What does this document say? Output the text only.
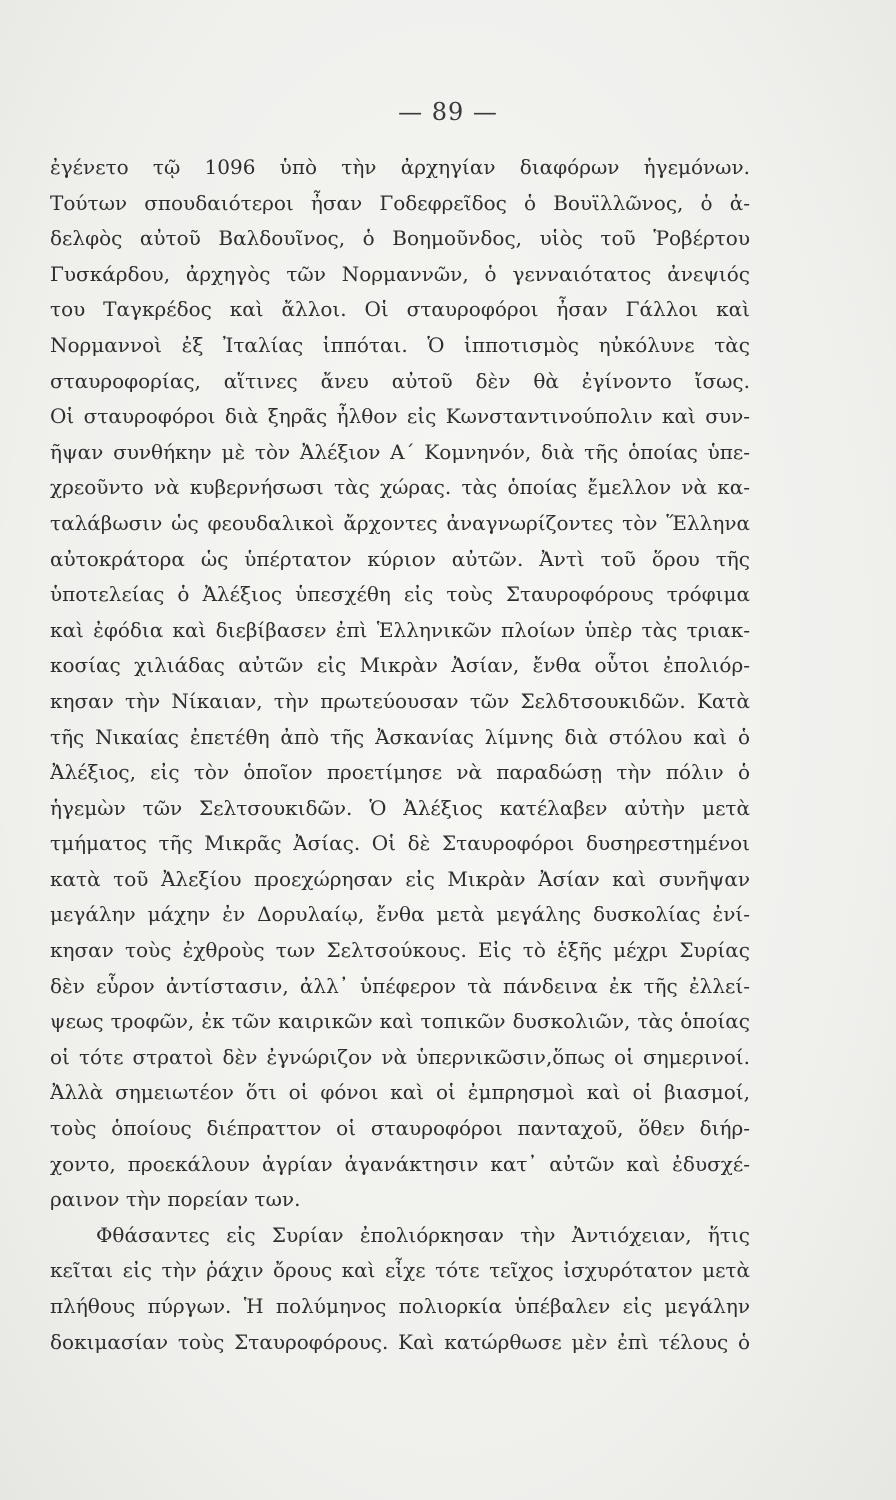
— 89 —
ἐγένετο τῷ 1096 ὑπὸ τὴν ἀρχηγίαν διαφόρων ἡγεμόνων.
Τούτων σπουδαιότεροι ἦσαν Γοδεφρεῖδος ὁ Βουϊλλῶνος, ὁ ἀ-
δελφὸς αὐτοῦ Βαλδουῖνος, ὁ Βοημοῦνδος, υἱὸς τοῦ Ῥοβέρτου
Γυσκάρδου, ἀρχηγὸς τῶν Νορμαννῶν, ὁ γενναιότατος ἀνεψιός
του Ταγκρέδος καὶ ἄλλοι. Οἱ σταυροφόροι ἦσαν Γάλλοι καὶ
Νορμαννοὶ ἐξ Ἰταλίας ἱππόται. Ὁ ἱπποτισμὸς ηὐκόλυνε τὰς
σταυροφορίας, αἵτινες ἄνευ αὐτοῦ δὲν θὰ ἐγίνοντο ἴσως.
Οἱ σταυροφόροι διὰ ξηρᾶς ἦλθον εἰς Κωνσταντινούπολιν καὶ συν-
ῆψαν συνθήκην μὲ τὸν Ἀλέξιον Α΄ Κομνηνόν, διὰ τῆς ὁποίας ὑπε-
χρεοῦντο νὰ κυβερνήσωσι τὰς χώρας. τὰς ὁποίας ἔμελλον νὰ κα-
ταλάβωσιν ὡς φεουδαλικοὶ ἄρχοντες ἀναγνωρίζοντες τὸν Ἕλληνα
αὐτοκράτορα ὡς ὑπέρτατον κύριον αὐτῶν. Ἀντὶ τοῦ ὅρου τῆς
ὑποτελείας ὁ Ἀλέξιος ὑπεσχέθη εἰς τοὺς Σταυροφόρους τρόφιμα
καὶ ἐφόδια καὶ διεβίβασεν ἐπὶ Ἑλληνικῶν πλοίων ὑπὲρ τὰς τριακ-
κοσίας χιλιάδας αὐτῶν εἰς Μικρὰν Ἀσίαν, ἔνθα οὗτοι ἐπολιόρ-
κησαν τὴν Νίκαιαν, τὴν πρωτεύουσαν τῶν Σελδτσουκιδῶν. Κατὰ
τῆς Νικαίας ἐπετέθη ἀπὸ τῆς Ἀσκανίας λίμνης διὰ στόλου καὶ ὁ
Ἀλέξιος, εἰς τὸν ὁποῖον προετίμησε νὰ παραδώσῃ τὴν πόλιν ὁ
ἡγεμὼν τῶν Σελτσουκιδῶν. Ὁ Ἀλέξιος κατέλαβεν αὐτὴν μετὰ
τμήματος τῆς Μικρᾶς Ἀσίας. Οἱ δὲ Σταυροφόροι δυσηρεστημένοι
κατὰ τοῦ Ἀλεξίου προεχώρησαν εἰς Μικρὰν Ἀσίαν καὶ συνῆψαν
μεγάλην μάχην ἐν Δορυλαίῳ, ἔνθα μετὰ μεγάλης δυσκολίας ἐνί-
κησαν τοὺς ἐχθροὺς των Σελτσούκους. Εἰς τὸ ἑξῆς μέχρι Συρίας
δὲν εὗρον ἀντίστασιν, ἀλλ᾽ ὑπέφερον τὰ πάνδεινα ἐκ τῆς ἐλλεί-
ψεως τροφῶν, ἐκ τῶν καιρικῶν καὶ τοπικῶν δυσκολιῶν, τὰς ὁποίας
οἱ τότε στρατοὶ δὲν ἐγνώριζον νὰ ὑπερνικῶσιν,ὅπως οἱ σημερινοί.
Ἀλλὰ σημειωτέον ὅτι οἱ φόνοι καὶ οἱ ἐμπρησμοὶ καὶ οἱ βιασμοί,
τοὺς ὁποίους διέπραττον οἱ σταυροφόροι πανταχοῦ, ὅθεν διήρ-
χοντο, προεκάλουν ἀγρίαν ἀγανάκτησιν κατ᾽ αὐτῶν καὶ ἐδυσχέ-
ραινον τὴν πορείαν των.
Φθάσαντες εἰς Συρίαν ἐπολιόρκησαν τὴν Ἀντιόχειαν, ἥτις
κεῖται εἰς τὴν ῥάχιν ὄρους καὶ εἶχε τότε τεῖχος ἰσχυρότατον μετὰ
πλήθους πύργων. Ἡ πολύμηνος πολιορκία ὑπέβαλεν εἰς μεγάλην
δοκιμασίαν τοὺς Σταυροφόρους. Καὶ κατώρθωσε μὲν ἐπὶ τέλους ὁ
